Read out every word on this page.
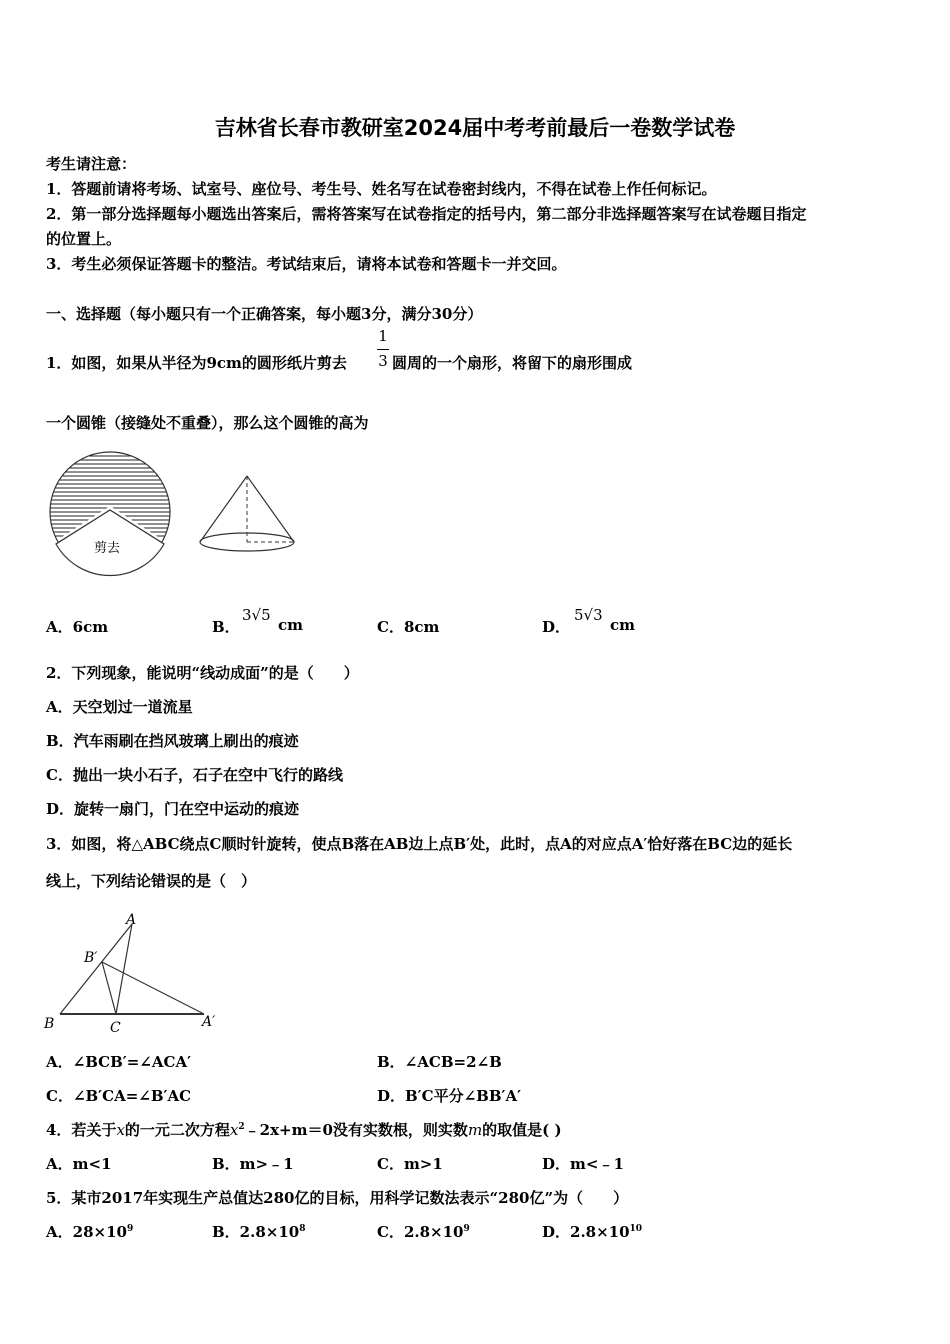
吉林省长春市教研室2024届中考考前最后一卷数学试卷
考生请注意：
1．答题前请将考场、试室号、座位号、考生号、姓名写在试卷密封线内，不得在试卷上作任何标记。
2．第一部分选择题每小题选出答案后，需将答案写在试卷指定的括号内，第二部分非选择题答案写在试卷题目指定
的位置上。
3．考生必须保证答题卡的整洁。考试结束后，请将本试卷和答题卡一并交回。
一、选择题（每小题只有一个正确答案，每小题3分，满分30分）
1．如图，如果从半径为9cm的圆形纸片剪去
1
3 圆周的一个扇形，将留下的扇形围成
一个圆锥（接缝处不重叠），那么这个圆锥的高为
剪去
A．6cm	B．
3√5
cm	C．8cm	D．
5√3
cm
2．下列现象，能说明“线动成面”的是（　　）
A．天空划过一道流星
B．汽车雨刷在挡风玻璃上刷出的痕迹
C．抛出一块小石子，石子在空中飞行的路线
D．旋转一扇门，门在空中运动的痕迹
3．如图，将△ABC绕点C顺时针旋转，使点B落在AB边上点B′处，此时，点A的对应点A′恰好落在BC边的延长
线上，下列结论错误的是（　）
A
B′
B	C	A′
A．∠BCB′=∠ACA′	B．∠ACB=2∠B
C．∠B′CA=∠B′AC	D．B′C平分∠BB′A′
4．若关于x的一元二次方程$x^2﹣2x+m=0$没有实数根，则实数m的取值是( )
A．m<1	B．m>﹣1	C．m>1	D．m<﹣1
5．某市2017年实现生产总值达280亿的目标，用科学记数法表示“280亿”为（　　）
A．$28\times 10^9$	B．$2.8\times 10^8$	C．$2.8\times 10^9$	D．$2.8\times 10^{10}$
